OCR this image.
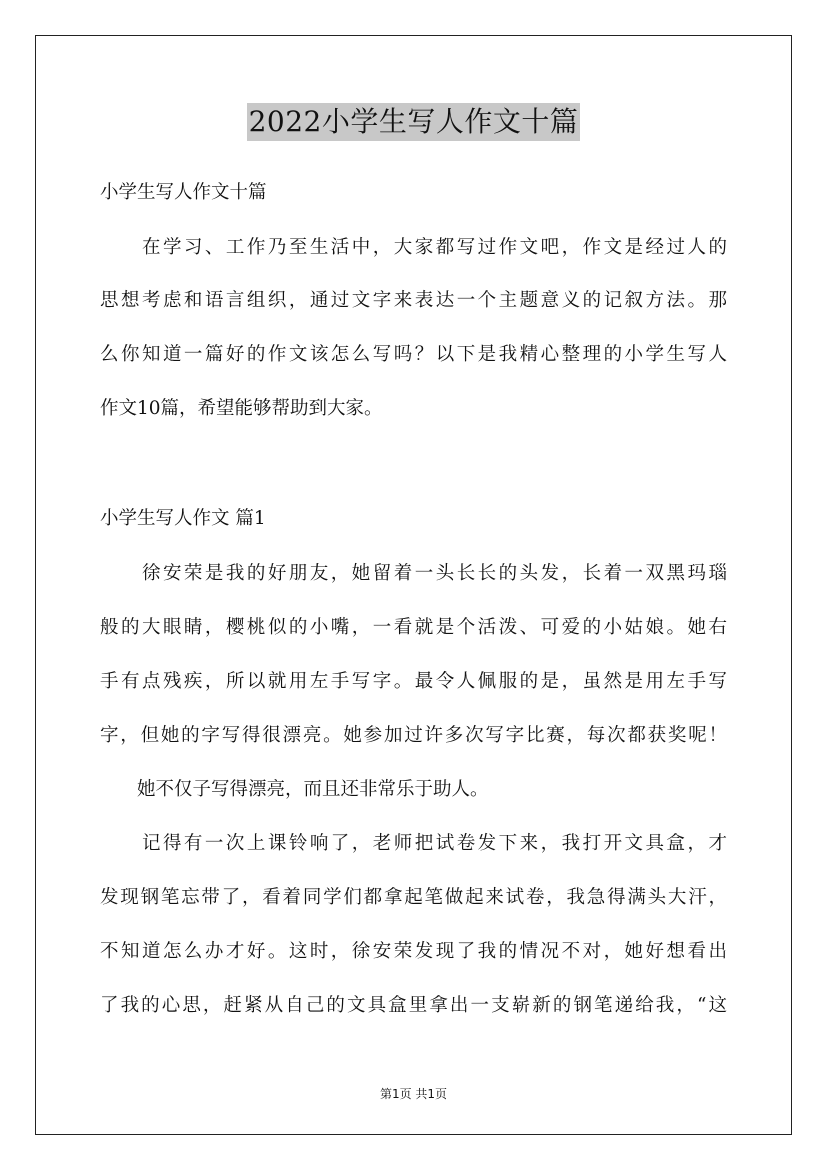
2022小学生写人作文十篇
小学生写人作文十篇
　　在学习、工作乃至生活中，大家都写过作文吧，作文是经过人的
思想考虑和语言组织，通过文字来表达一个主题意义的记叙方法。那
么你知道一篇好的作文该怎么写吗？以下是我精心整理的小学生写人
作文10篇，希望能够帮助到大家。
小学生写人作文 篇1
　　徐安荣是我的好朋友，她留着一头长长的头发，长着一双黑玛瑙
般的大眼睛，樱桃似的小嘴，一看就是个活泼、可爱的小姑娘。她右
手有点残疾，所以就用左手写字。最令人佩服的是，虽然是用左手写
字，但她的字写得很漂亮。她参加过许多次写字比赛，每次都获奖呢！
　　她不仅子写得漂亮，而且还非常乐于助人。
　　记得有一次上课铃响了，老师把试卷发下来，我打开文具盒，才
发现钢笔忘带了，看着同学们都拿起笔做起来试卷，我急得满头大汗，
不知道怎么办才好。这时，徐安荣发现了我的情况不对，她好想看出
了我的心思，赶紧从自己的文具盒里拿出一支崭新的钢笔递给我，“这
第1页 共1页
